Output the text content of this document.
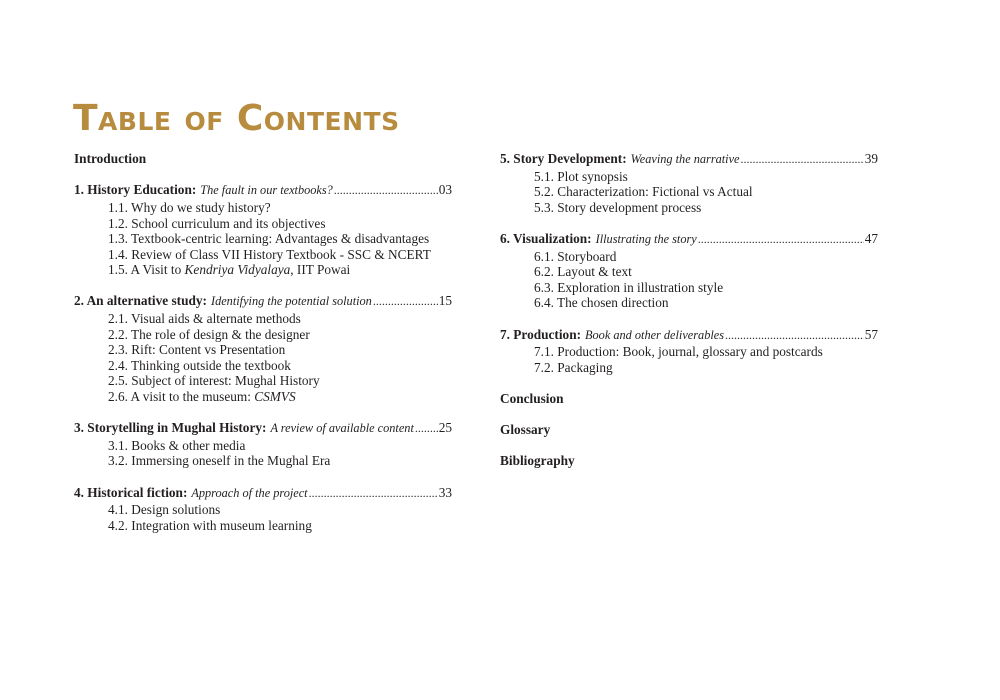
Table of Contents
Introduction
1. History Education: The fault in our textbooks? .....	03
1.1. Why do we study history?
1.2. School curriculum and its objectives
1.3. Textbook-centric learning: Advantages & disadvantages
1.4. Review of Class VII History Textbook - SSC & NCERT
1.5. A Visit to Kendriya Vidyalaya, IIT Powai
2. An alternative study: Identifying the potential solution .....	15
2.1. Visual aids & alternate methods
2.2. The role of design & the designer
2.3. Rift: Content vs Presentation
2.4. Thinking outside the textbook
2.5. Subject of interest: Mughal History
2.6. A visit to the museum: CSMVS
3. Storytelling in Mughal History: A review of available content ..... 25
3.1. Books & other media
3.2. Immersing oneself in the Mughal Era
4. Historical fiction: Approach of the project .....	33
4.1. Design solutions
4.2. Integration with museum learning
5. Story Development: Weaving the narrative .....	39
5.1. Plot synopsis
5.2. Characterization: Fictional vs Actual
5.3. Story development process
6. Visualization: Illustrating the story .....	47
6.1. Storyboard
6.2. Layout & text
6.3. Exploration in illustration style
6.4. The chosen direction
7. Production: Book and other deliverables .....	57
7.1. Production: Book, journal, glossary and postcards
7.2. Packaging
Conclusion
Glossary
Bibliography
